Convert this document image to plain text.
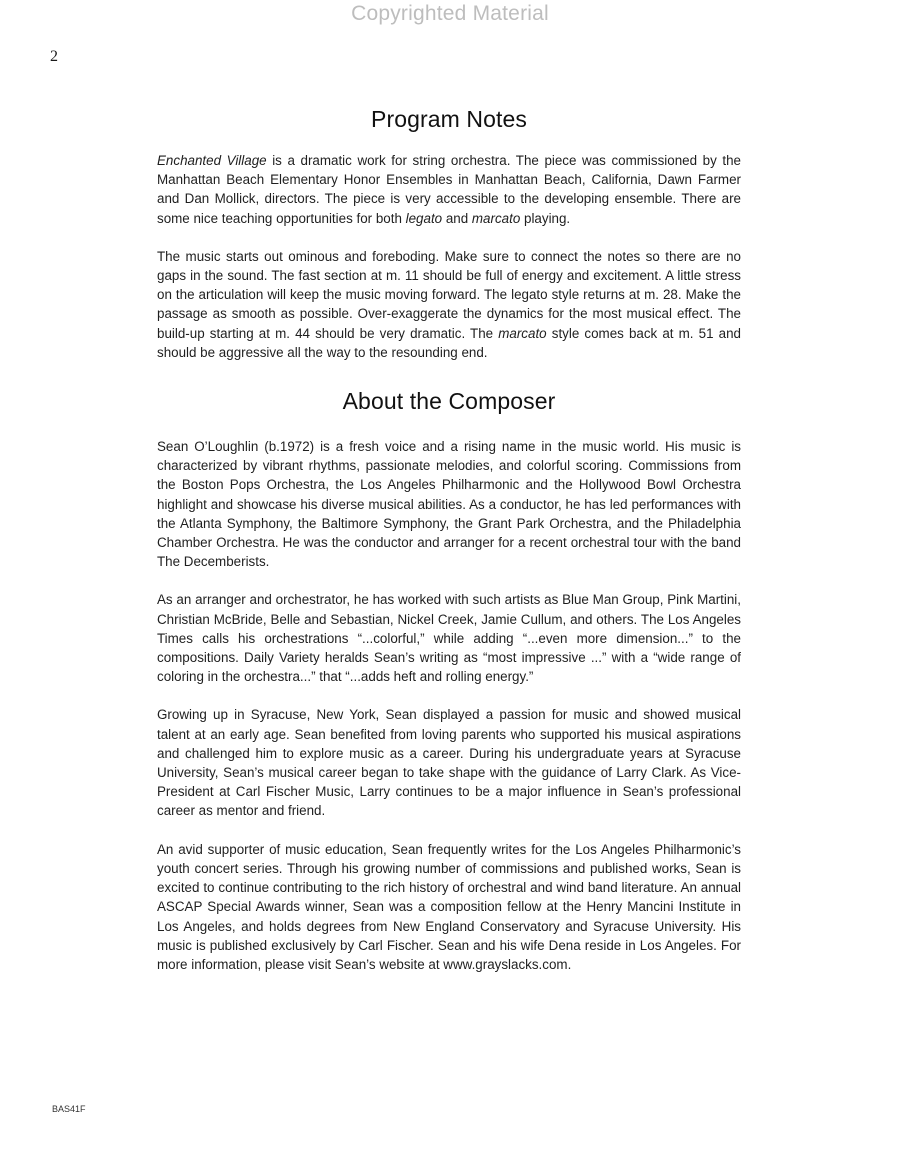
Copyrighted Material
2
Program Notes

Enchanted Village is a dramatic work for string orchestra. The piece was commissioned by the Manhattan Beach Elementary Honor Ensembles in Manhattan Beach, California, Dawn Farmer and Dan Mollick, directors. The piece is very accessible to the developing ensemble. There are some nice teaching opportunities for both legato and marcato playing.

The music starts out ominous and foreboding. Make sure to connect the notes so there are no gaps in the sound. The fast section at m. 11 should be full of energy and excitement. A little stress on the articulation will keep the music moving forward. The legato style returns at m. 28. Make the passage as smooth as possible. Over-exaggerate the dynamics for the most musical effect. The build-up starting at m. 44 should be very dramatic. The marcato style comes back at m. 51 and should be aggressive all the way to the resounding end.

About the Composer

Sean O’Loughlin (b.1972) is a fresh voice and a rising name in the music world. His music is characterized by vibrant rhythms, passionate melodies, and colorful scoring. Commissions from the Boston Pops Orchestra, the Los Angeles Philharmonic and the Hollywood Bowl Orchestra highlight and showcase his diverse musical abilities. As a conductor, he has led performances with the Atlanta Symphony, the Baltimore Symphony, the Grant Park Orchestra, and the Philadelphia Chamber Orchestra. He was the conductor and arranger for a recent orchestral tour with the band The Decemberists.

As an arranger and orchestrator, he has worked with such artists as Blue Man Group, Pink Martini, Christian McBride, Belle and Sebastian, Nickel Creek, Jamie Cullum, and others. The Los Angeles Times calls his orchestrations “...colorful,” while adding “...even more dimension...” to the compositions. Daily Variety heralds Sean’s writing as “most impressive ...” with a “wide range of coloring in the orchestra...” that “...adds heft and rolling energy.”

Growing up in Syracuse, New York, Sean displayed a passion for music and showed musical talent at an early age. Sean benefited from loving parents who supported his musical aspirations and challenged him to explore music as a career. During his undergraduate years at Syracuse University, Sean’s musical career began to take shape with the guidance of Larry Clark. As Vice-President at Carl Fischer Music, Larry continues to be a major influence in Sean’s professional career as mentor and friend.

An avid supporter of music education, Sean frequently writes for the Los Angeles Philharmonic’s youth concert series. Through his growing number of commissions and published works, Sean is excited to continue contributing to the rich history of orchestral and wind band literature. An annual ASCAP Special Awards winner, Sean was a composition fellow at the Henry Mancini Institute in Los Angeles, and holds degrees from New England Conservatory and Syracuse University. His music is published exclusively by Carl Fischer. Sean and his wife Dena reside in Los Angeles. For more information, please visit Sean’s website at www.grayslacks.com.

BAS41F
